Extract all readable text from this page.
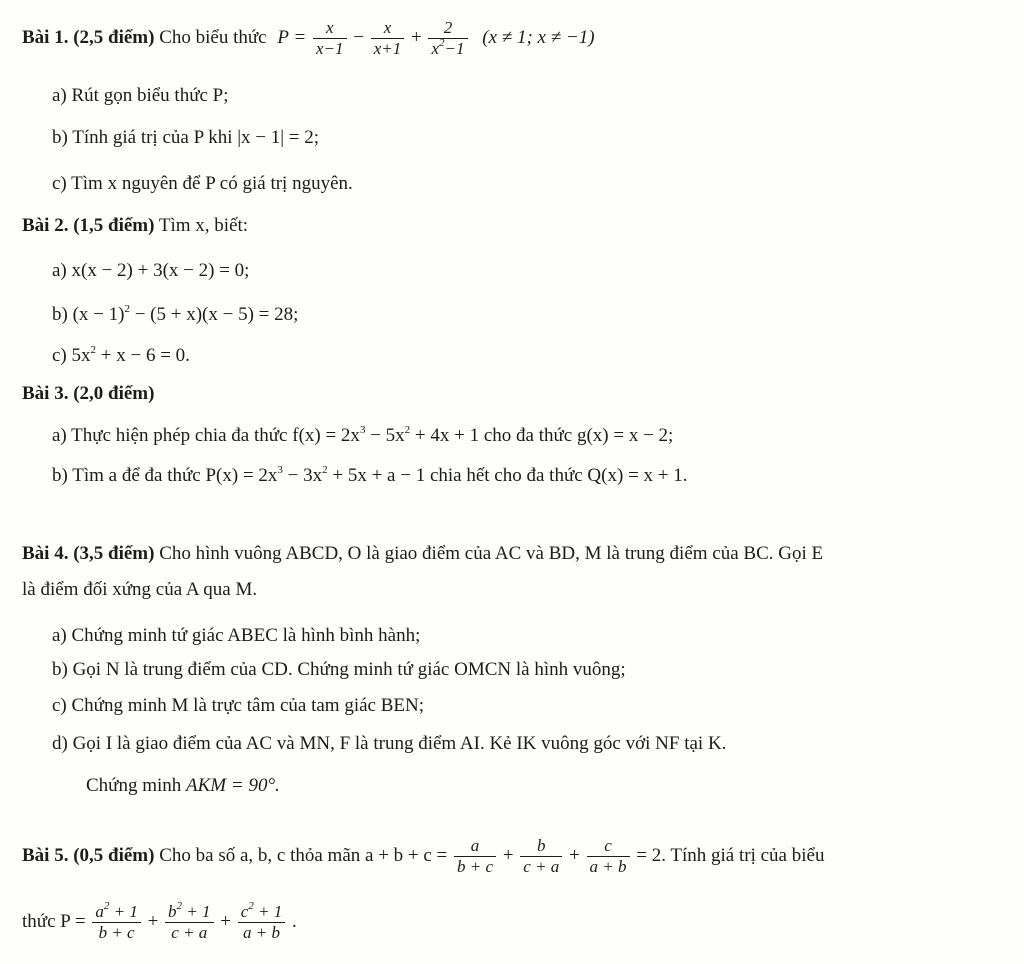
Bài 1. (2,5 điểm) Cho biểu thức $P = \frac{x}{x-1} - \frac{x}{x+1} + \frac{2}{x^2-1} (x \ne 1$; x ≠ −1)
a) Rút gọn biểu thức P;
b) Tính giá trị của P khi |x − 1| = 2;
c) Tìm x nguyên để P có giá trị nguyên.
Bài 2. (1,5 điểm) Tìm x, biết:
a) x(x − 2) + 3(x − 2) = 0;
b) $(x - 1)^2 - (5 + x)(x - 5) = 28$;
c) $5x^2 + x - 6 = 0$.
Bài 3. (2,0 điểm)
a) Thực hiện phép chia đa thức $f(x) = 2x^3 - 5x^2 + 4x + 1$ cho đa thức g(x) = x − 2;
b) Tìm a để đa thức $P(x) = 2x^3 - 3x^2 + 5x + a - 1$ chia hết cho đa thức Q(x) = x + 1.
Bài 4. (3,5 điểm) Cho hình vuông ABCD, O là giao điểm của AC và BD, M là trung điểm của BC. Gọi E
là điểm đối xứng của A qua M.
a) Chứng minh tứ giác ABEC là hình bình hành;
b) Gọi N là trung điểm của CD. Chứng minh tứ giác OMCN là hình vuông;
c) Chứng minh M là trực tâm của tam giác BEN;
d) Gọi I là giao điểm của AC và MN, F là trung điểm AI. Kẻ IK vuông góc với NF tại K.
Chứng minh AKM = 90°.
Bài 5. (0,5 điểm) Cho ba số a, b, c thỏa mãn $a + b + c = \frac{a}{b + c} + \frac{b}{c + a} + \frac{c}{a + b} = 2$. Tính giá trị của biểu
thức $P = \frac{a^2 + 1}{b + c} + \frac{b^2 + 1}{c + a} + \frac{c^2 + 1}{a + b}$ .
